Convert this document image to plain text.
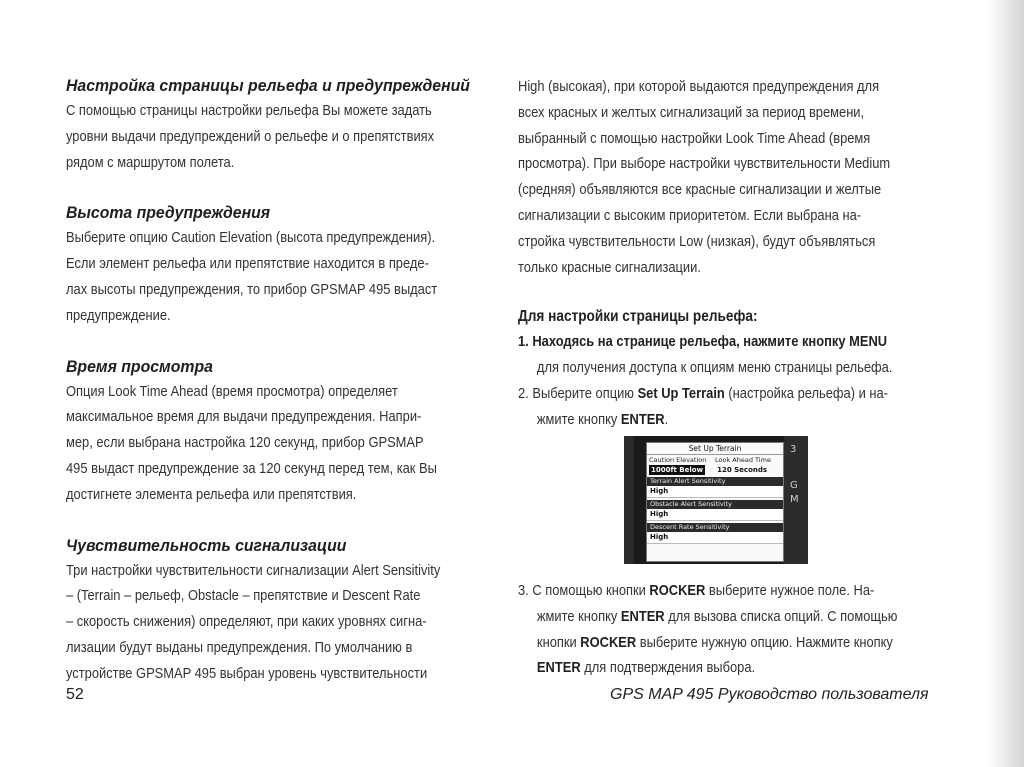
Настройка страницы рельефа и предупреждений
С помощью страницы настройки рельефа Вы можете задать
уровни выдачи предупреждений о рельефе и о препятствиях
рядом с маршрутом полета.
Высота предупреждения
Выберите опцию Caution Elevation (высота предупреждения).
Если элемент рельефа или препятствие находится в преде-
лах высоты предупреждения, то прибор GPSMAP 495 выдаст
предупреждение.
Время просмотра
Опция Look Time Ahead (время просмотра) определяет
максимальное время для выдачи предупреждения. Напри-
мер, если выбрана настройка 120 секунд, прибор GPSMAP
495 выдаст предупреждение за 120 секунд перед тем, как Вы
достигнете элемента рельефа или препятствия.
Чувствительность сигнализации
Три настройки чувствительности сигнализации Alert Sensitivity
– (Terrain – рельеф, Obstacle – препятствие и Descent Rate
– скорость снижения) определяют, при каких уровнях сигна-
лизации будут выданы предупреждения. По умолчанию в
устройстве GPSMAP 495 выбран уровень чувствительности
High (высокая), при которой выдаются предупреждения для
всех красных и желтых сигнализаций за период времени,
выбранный с помощью настройки Look Time Ahead (время
просмотра). При выборе настройки чувствительности Medium
(средняя) объявляются все красные сигнализации и желтые
сигнализации с высоким приоритетом. Если выбрана на-
стройка чувствительности Low (низкая), будут объявляться
только красные сигнализации.
Для настройки страницы рельефа:
1. Находясь на странице рельефа, нажмите кнопку MENU
для получения доступа к опциям меню страницы рельефа.
2. Выберите опцию Set Up Terrain (настройка рельефа) и на-
жмите кнопку ENTER.
3
G
M
Set Up Terrain
Caution Elevation	Look Ahead Time
1000ft Below	120 Seconds
Terrain Alert Sensitivity
High
Obstacle Alert Sensitivity
High
Descent Rate Sensitivity
High
3. С помощью кнопки ROCKER выберите нужное поле. На-
жмите кнопку ENTER для вызова списка опций. С помощью
кнопки ROCKER выберите нужную опцию. Нажмите кнопку
ENTER для подтверждения выбора.
52	GPS MAP 495 Руководство пользователя
